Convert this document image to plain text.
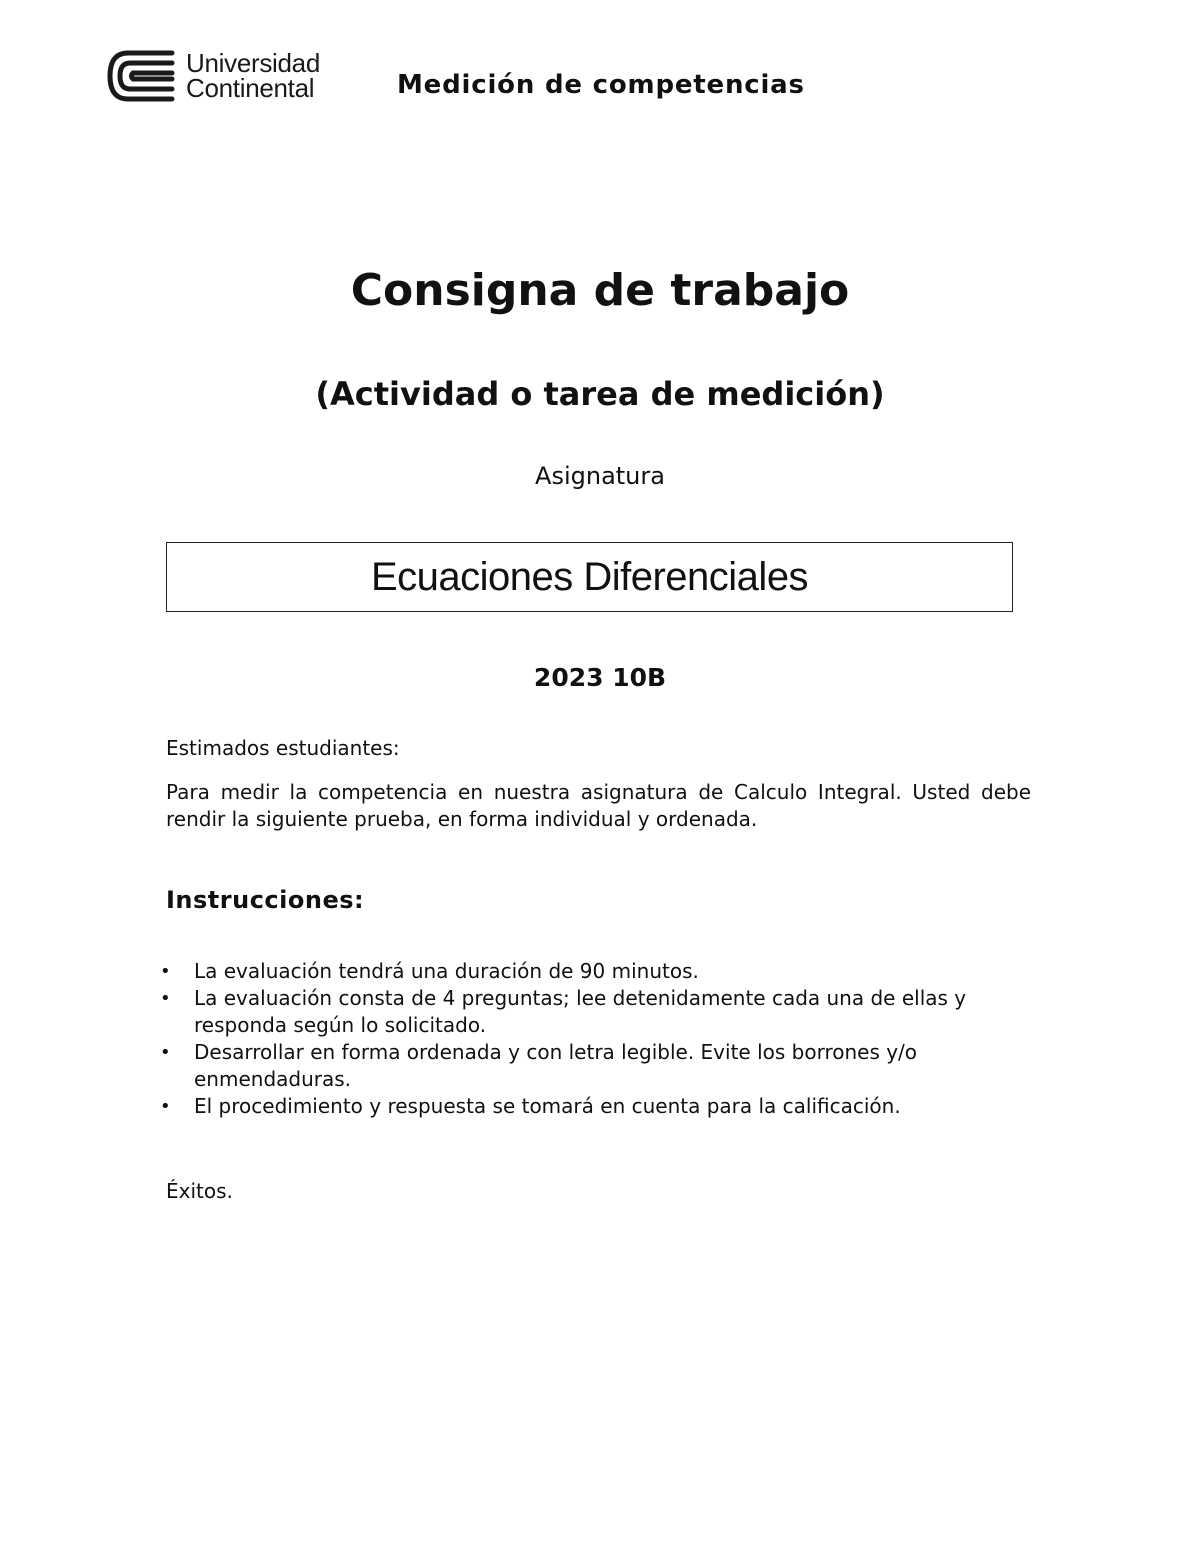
Universidad
Continental	Medición de competencias
Consigna de trabajo
(Actividad o tarea de medición)
Asignatura
Ecuaciones Diferenciales
2023 10B
Estimados estudiantes:
Para medir la competencia en nuestra asignatura de Calculo Integral. Usted debe rendir la siguiente prueba, en forma individual y ordenada.
Instrucciones:
• La evaluación tendrá una duración de 90 minutos.
• La evaluación consta de 4 preguntas; lee detenidamente cada una de ellas y responda según lo solicitado.
• Desarrollar en forma ordenada y con letra legible. Evite los borrones y/o enmendaduras.
• El procedimiento y respuesta se tomará en cuenta para la calificación.
Éxitos.
